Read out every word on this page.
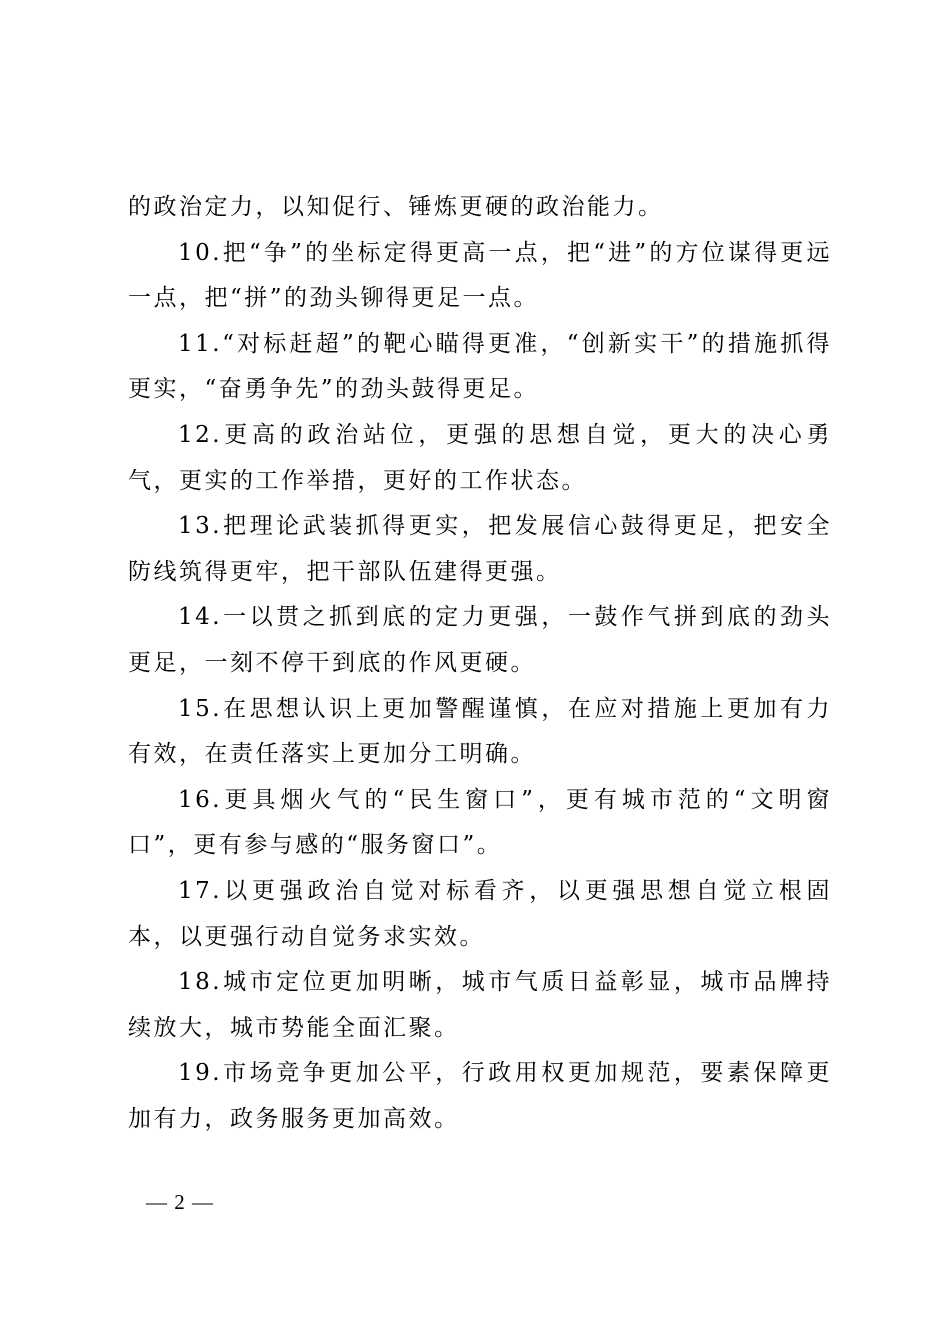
的政治定力，以知促行、锤炼更硬的政治能力。

10.把“争”的坐标定得更高一点，把“进”的方位谋得更远一点，把“拼”的劲头铆得更足一点。

11.“对标赶超”的靶心瞄得更准，“创新实干”的措施抓得更实，“奋勇争先”的劲头鼓得更足。

12.更高的政治站位，更强的思想自觉，更大的决心勇气，更实的工作举措，更好的工作状态。

13.把理论武装抓得更实，把发展信心鼓得更足，把安全防线筑得更牢，把干部队伍建得更强。

14.一以贯之抓到底的定力更强，一鼓作气拼到底的劲头更足，一刻不停干到底的作风更硬。

15.在思想认识上更加警醒谨慎，在应对措施上更加有力有效，在责任落实上更加分工明确。

16.更具烟火气的“民生窗口”，更有城市范的“文明窗口”，更有参与感的“服务窗口”。

17.以更强政治自觉对标看齐，以更强思想自觉立根固本，以更强行动自觉务求实效。

18.城市定位更加明晰，城市气质日益彰显，城市品牌持续放大，城市势能全面汇聚。

19.市场竞争更加公平，行政用权更加规范，要素保障更加有力，政务服务更加高效。

— 2 —
